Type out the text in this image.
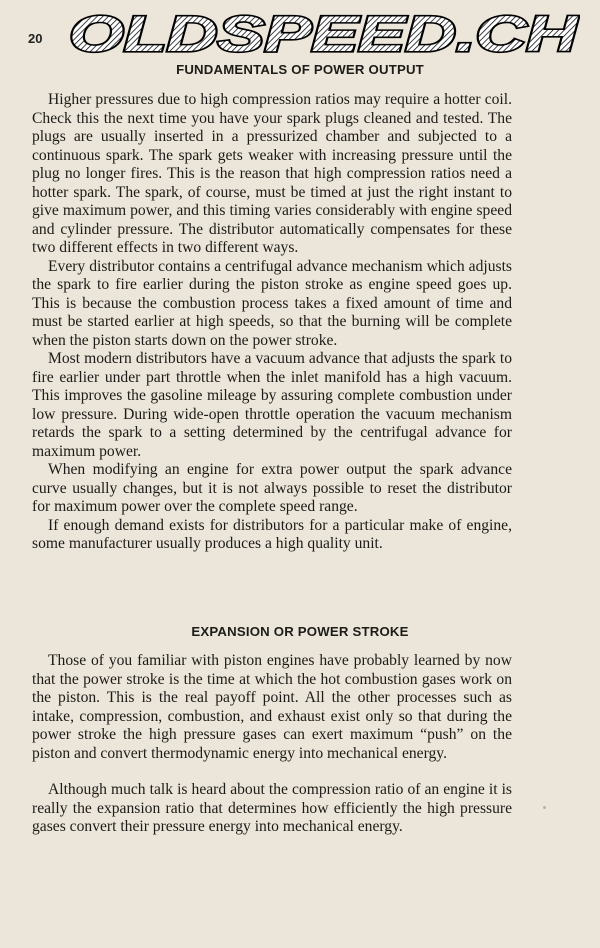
20 OLDSPEED.CH
FUNDAMENTALS OF POWER OUTPUT

Higher pressures due to high compression ratios may require a hotter coil. Check this the next time you have your spark plugs cleaned and tested. The plugs are usually inserted in a pressurized chamber and subjected to a continuous spark. The spark gets weaker with increasing pressure until the plug no longer fires. This is the reason that high compression ratios need a hotter spark. The spark, of course, must be timed at just the right instant to give maximum power, and this timing varies considerably with engine speed and cylinder pressure. The distributor automatically compensates for these two different effects in two different ways.

Every distributor contains a centrifugal advance mechanism which adjusts the spark to fire earlier during the piston stroke as engine speed goes up. This is because the combustion process takes a fixed amount of time and must be started earlier at high speeds, so that the burning will be complete when the piston starts down on the power stroke.

Most modern distributors have a vacuum advance that adjusts the spark to fire earlier under part throttle when the inlet manifold has a high vacuum. This improves the gasoline mileage by assuring complete combustion under low pressure. During wide-open throttle operation the vacuum mechanism retards the spark to a setting determined by the centrifugal advance for maximum power.

When modifying an engine for extra power output the spark advance curve usually changes, but it is not always possible to reset the distributor for maximum power over the complete speed range.

If enough demand exists for distributors for a particular make of engine, some manufacturer usually produces a high quality unit.

EXPANSION OR POWER STROKE

Those of you familiar with piston engines have probably learned by now that the power stroke is the time at which the hot combustion gases work on the piston. This is the real payoff point. All the other processes such as intake, compression, combustion, and exhaust exist only so that during the power stroke the high pressure gases can exert maximum “push” on the piston and convert thermodynamic energy into mechanical energy.

Although much talk is heard about the compression ratio of an engine it is really the expansion ratio that determines how efficiently the high pressure gases convert their pressure energy into mechanical energy.
